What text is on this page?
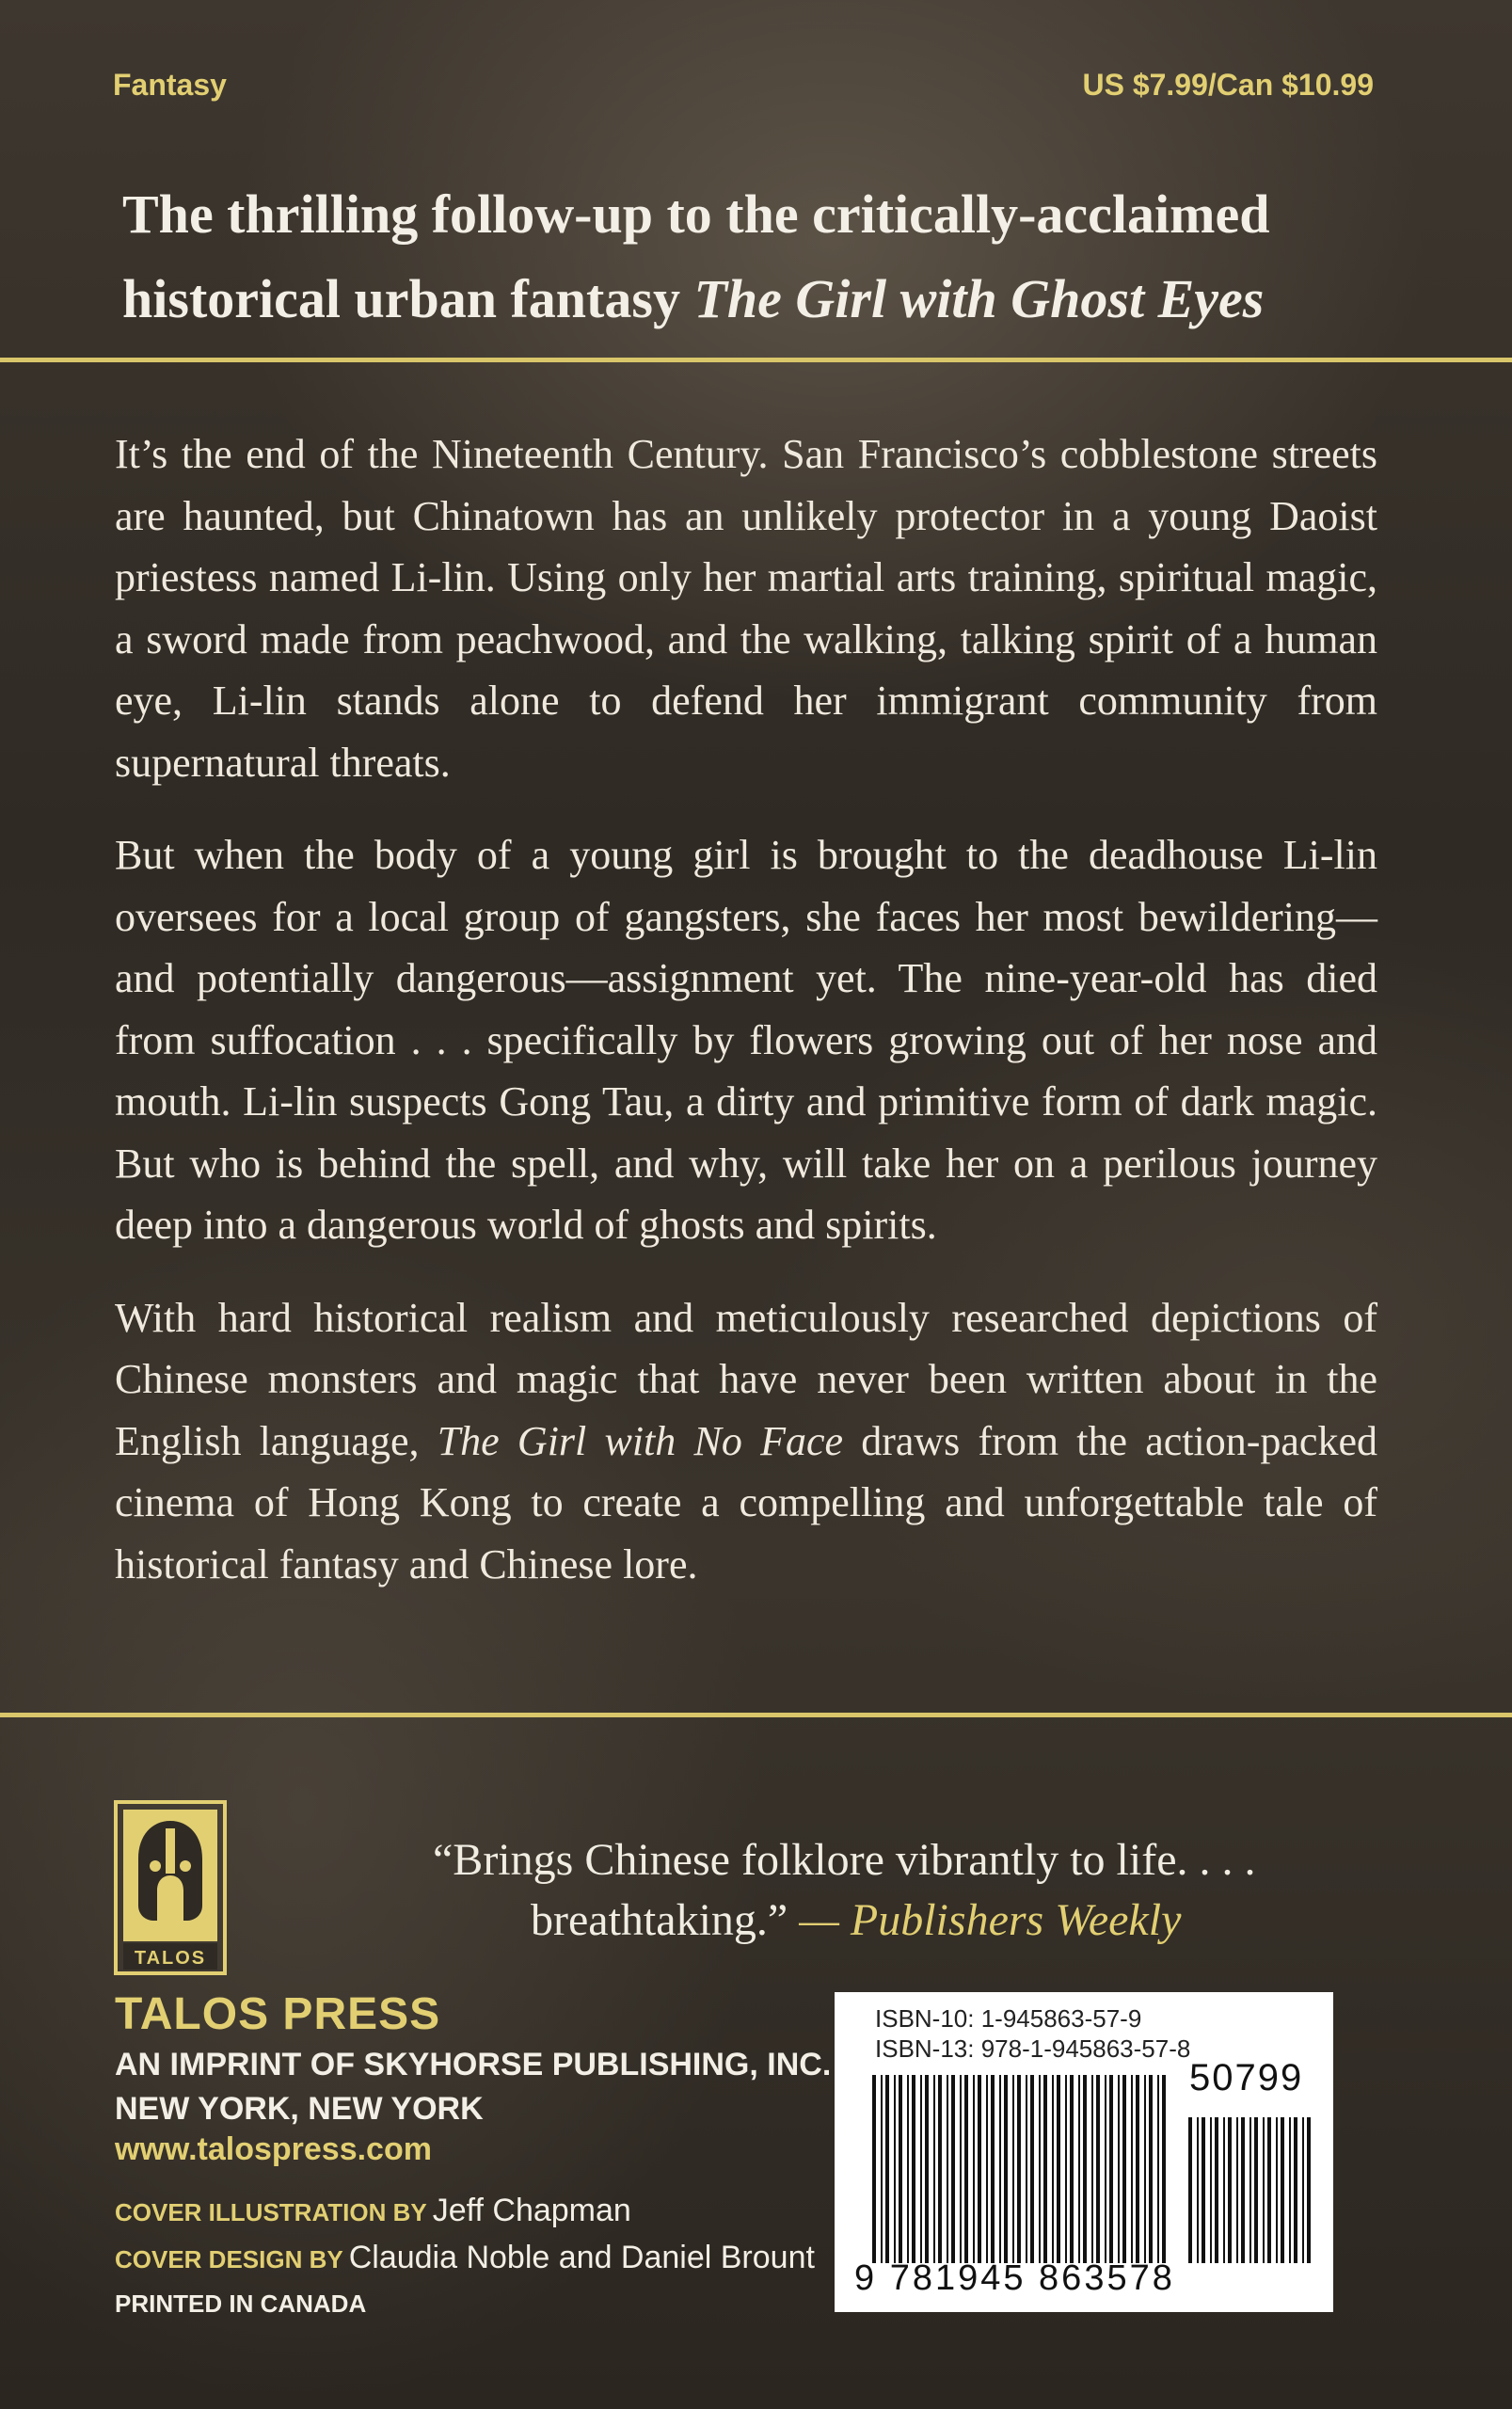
Fantasy	US $7.99/Can $10.99
The thrilling follow-up to the critically-acclaimed
historical urban fantasy The Girl with Ghost Eyes

It’s the end of the Nineteenth Century. San Francisco’s cobblestone streets are haunted, but Chinatown has an unlikely protector in a young Daoist priestess named Li-lin. Using only her martial arts training, spiritual magic, a sword made from peachwood, and the walking, talking spirit of a human eye, Li-lin stands alone to defend her immigrant community from supernatural threats.

But when the body of a young girl is brought to the deadhouse Li-lin oversees for a local group of gangsters, she faces her most bewildering—and potentially dangerous—assignment yet. The nine-year-old has died from suffocation . . . specifically by flowers growing out of her nose and mouth. Li-lin suspects Gong Tau, a dirty and primitive form of dark magic. But who is behind the spell, and why, will take her on a perilous journey deep into a dangerous world of ghosts and spirits.

With hard historical realism and meticulously researched depictions of Chinese monsters and magic that have never been written about in the English language, The Girl with No Face draws from the action-packed cinema of Hong Kong to create a compelling and unforgettable tale of historical fantasy and Chinese lore.

TALOS
“Brings Chinese folklore vibrantly to life. . . .
breathtaking.” — Publishers Weekly
TALOS PRESS
AN IMPRINT OF SKYHORSE PUBLISHING, INC.
NEW YORK, NEW YORK
www.talospress.com
COVER ILLUSTRATION BY Jeff Chapman
COVER DESIGN BY Claudia Noble and Daniel Brount
PRINTED IN CANADA
ISBN-10: 1-945863-57-9
ISBN-13: 978-1-945863-57-8
50799
9 781945 863578
